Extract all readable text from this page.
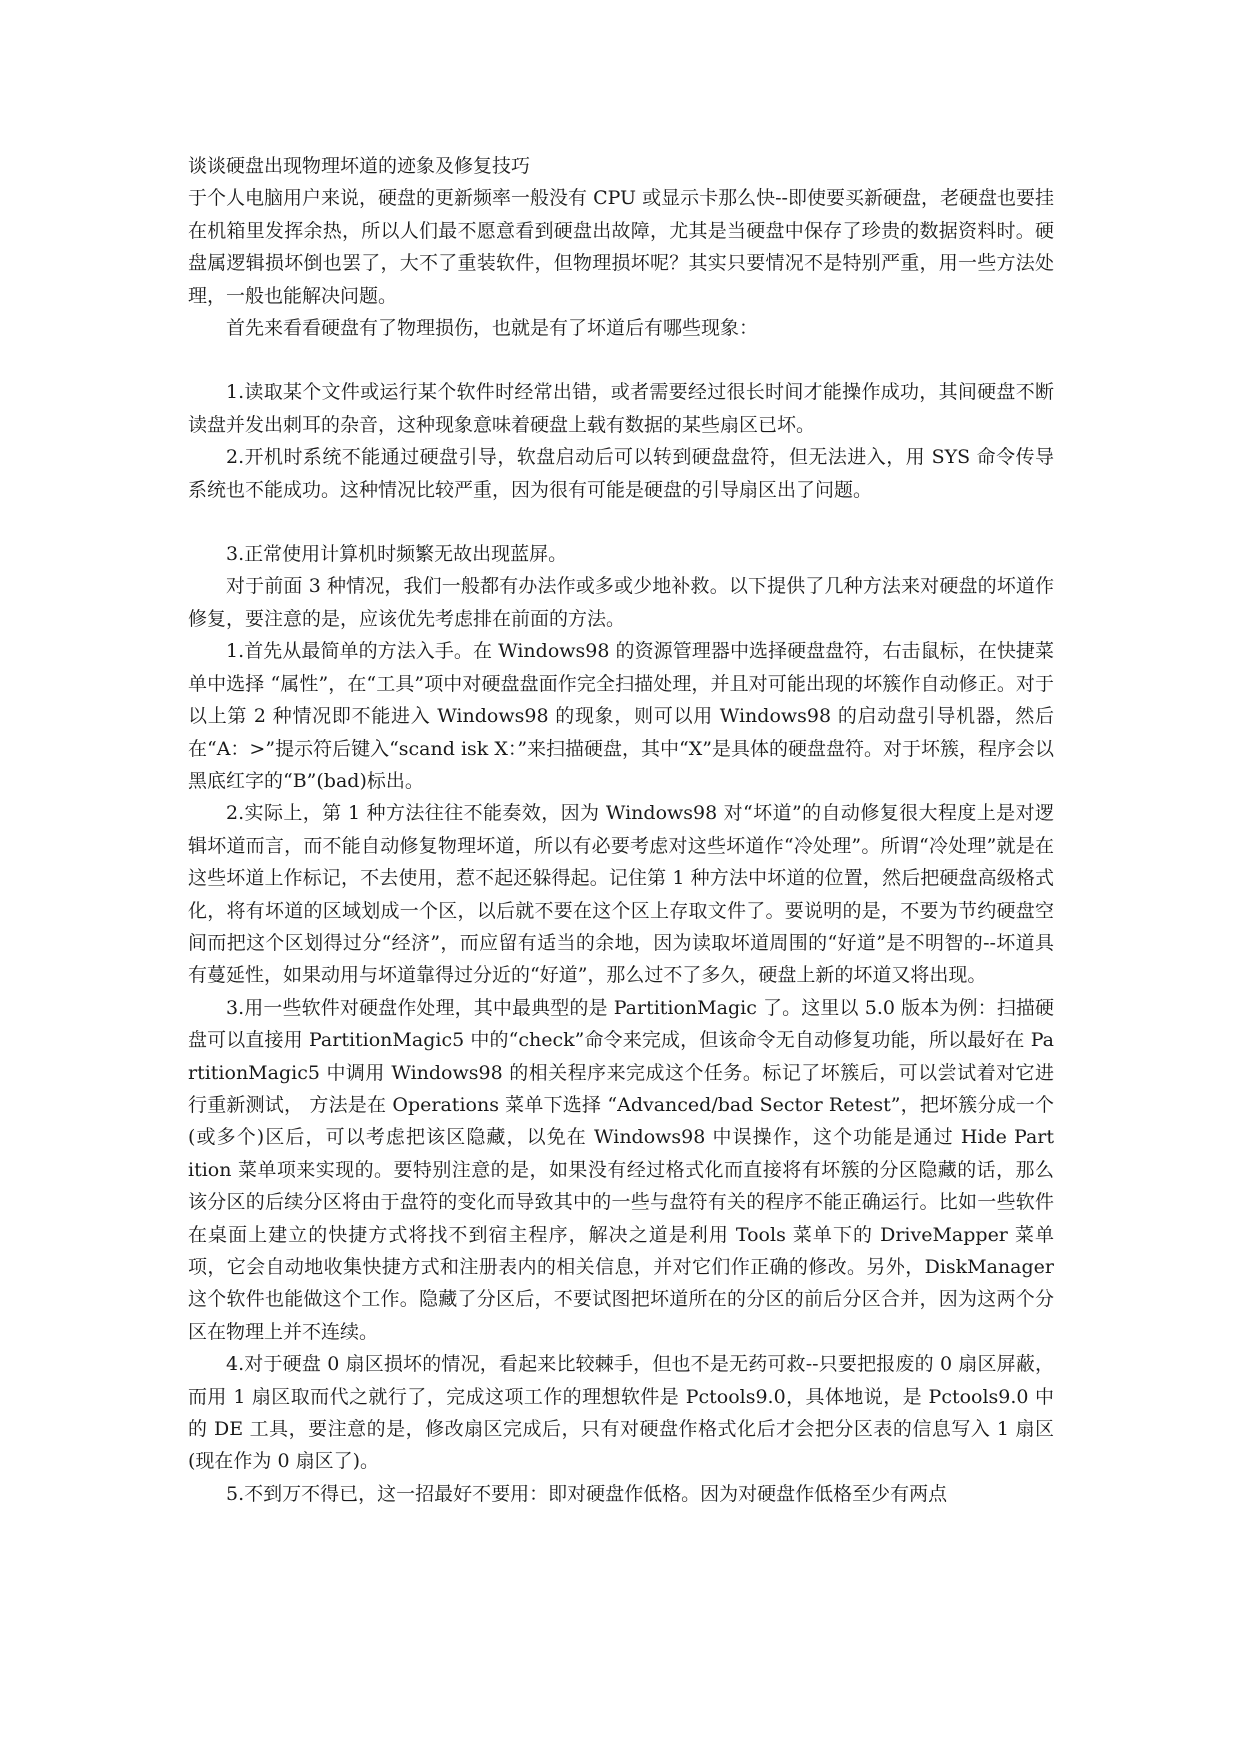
谈谈硬盘出现物理坏道的迹象及修复技巧

于个人电脑用户来说，硬盘的更新频率一般没有 CPU 或显示卡那么快--即使要买新硬盘，老硬盘也要挂在机箱里发挥余热，所以人们最不愿意看到硬盘出故障，尤其是当硬盘中保存了珍贵的数据资料时。硬盘属逻辑损坏倒也罢了，大不了重装软件，但物理损坏呢？其实只要情况不是特别严重，用一些方法处理，一般也能解决问题。

首先来看看硬盘有了物理损伤，也就是有了坏道后有哪些现象：

1.读取某个文件或运行某个软件时经常出错，或者需要经过很长时间才能操作成功，其间硬盘不断读盘并发出刺耳的杂音，这种现象意味着硬盘上载有数据的某些扇区已坏。

2.开机时系统不能通过硬盘引导，软盘启动后可以转到硬盘盘符，但无法进入，用 SYS 命令传导系统也不能成功。这种情况比较严重，因为很有可能是硬盘的引导扇区出了问题。

3.正常使用计算机时频繁无故出现蓝屏。

对于前面 3 种情况，我们一般都有办法作或多或少地补救。以下提供了几种方法来对硬盘的坏道作修复，要注意的是，应该优先考虑排在前面的方法。

1.首先从最简单的方法入手。在 Windows98 的资源管理器中选择硬盘盘符，右击鼠标，在快捷菜单中选择 “属性”，在“工具”项中对硬盘盘面作完全扫描处理，并且对可能出现的坏簇作自动修正。对于以上第 2 种情况即不能进入 Windows98 的现象，则可以用 Windows98 的启动盘引导机器，然后在“A：>”提示符后键入“scand isk X：”来扫描硬盘，其中“X”是具体的硬盘盘符。对于坏簇，程序会以黑底红字的“B”(bad)标出。

2.实际上，第 1 种方法往往不能奏效，因为 Windows98 对“坏道”的自动修复很大程度上是对逻辑坏道而言，而不能自动修复物理坏道，所以有必要考虑对这些坏道作“冷处理”。所谓“冷处理”就是在这些坏道上作标记，不去使用，惹不起还躲得起。记住第 1 种方法中坏道的位置，然后把硬盘高级格式化，将有坏道的区域划成一个区，以后就不要在这个区上存取文件了。要说明的是，不要为节约硬盘空间而把这个区划得过分“经济”，而应留有适当的余地，因为读取坏道周围的“好道”是不明智的--坏道具有蔓延性，如果动用与坏道靠得过分近的“好道”，那么过不了多久，硬盘上新的坏道又将出现。

3.用一些软件对硬盘作处理，其中最典型的是 PartitionMagic 了。这里以 5.0 版本为例：扫描硬盘可以直接用 PartitionMagic5 中的“check”命令来完成，但该命令无自动修复功能，所以最好在 Pa rtitionMagic5 中调用 Windows98 的相关程序来完成这个任务。标记了坏簇后，可以尝试着对它进行重新测试， 方法是在 Operations 菜单下选择 “Advanced/bad Sector Retest”，把坏簇分成一个(或多个)区后，可以考虑把该区隐藏，以免在 Windows98 中误操作，这个功能是通过 Hide Part ition 菜单项来实现的。要特别注意的是，如果没有经过格式化而直接将有坏簇的分区隐藏的话，那么该分区的后续分区将由于盘符的变化而导致其中的一些与盘符有关的程序不能正确运行。比如一些软件在桌面上建立的快捷方式将找不到宿主程序，解决之道是利用 Tools 菜单下的 DriveMapper 菜单项，它会自动地收集快捷方式和注册表内的相关信息，并对它们作正确的修改。另外，DiskManager 这个软件也能做这个工作。隐藏了分区后，不要试图把坏道所在的分区的前后分区合并，因为这两个分区在物理上并不连续。

4.对于硬盘 0 扇区损坏的情况，看起来比较棘手，但也不是无药可救--只要把报废的 0 扇区屏蔽，而用 1 扇区取而代之就行了，完成这项工作的理想软件是 Pctools9.0，具体地说，是 Pctools9.0 中的 DE 工具，要注意的是，修改扇区完成后，只有对硬盘作格式化后才会把分区表的信息写入 1 扇区(现在作为 0 扇区了)。

5.不到万不得已，这一招最好不要用：即对硬盘作低格。因为对硬盘作低格至少有两点
